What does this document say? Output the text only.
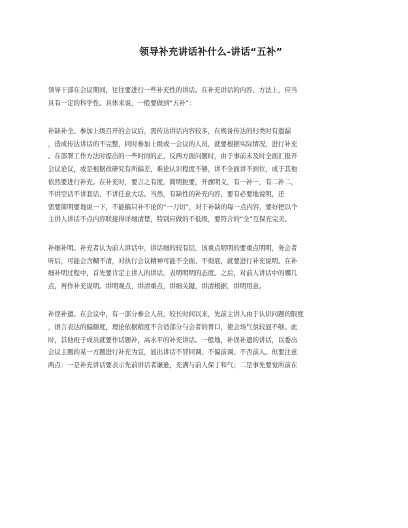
领导补充讲话补什么-讲话“五补”
领导干部在会议期间，往往要进行一些补充性的讲话。在补充讲话的内容、方法上，应当
具有一定的科学性。具体来说，一般要做到“五补”：
补缺补全。参加上级召开的会议后，需传达讲话内容较多，在规备传达的归类时有遗漏
，造成传达讲话的不完整，同时参加上级或一会议的人员，就要根据实际情况，进行补充
。在部署工作方法时提出的一些时间的正、反两方面问题时，由于事前未及时全面汇报开
会议论议，或是根据改研究有所偏差，难论认识程度不够，讲不全面讲不到位，成于其他
依然要进行补充。在补充时，要言之有度，简明扼要，开旗明义，有一补一，有二补二，
不讲空话不讲套话，不讲任意大话。当然，有缺性的补充内容，要有必要地说明，还
需要简明要地说一下，不能搞只补不论的“一刀切”，对于补缺的每一点内容，要好把以个
主讲人讲话不点内容联接得详细清楚，特别应做的不低级，要符合的“全”互保充完美。
补细补明。补充者认为前人讲话中，讲话细的较有层，该重点明明的要重点明明，务会者
听后，可能会含糊不清，对执行会议精神可能不全面、不彻底，就要进行补充说明。在补
细补明过程中，首先要肯定主讲人的讲话，表明明明的态度。之后，对前人讲话中的哪几
点，再作补充说明。讲明观点，讲清重点，讲细关键，讲清根据，讲明用意。
补误补遗。在会议中，有一部分参会人员，较长时间以来，先前主讲人由于认识问题的限度
，语言表达的偏颇度，理论依据稍度不合适部分与会者的胃口，使会场气氛较显不够。此
时，其他班子成员就要作话题补，高水平的补充讲话。一般地，补误补遗的讲话，以委出
会议主题的某一方题进行补充为宜，显出讲话不冒同调、不偏前调、不否前人。但要注意
两点：一是补充讲话要表示先前讲话者谦逊，充满与前人保丁和气；二是事先要觉所前在
